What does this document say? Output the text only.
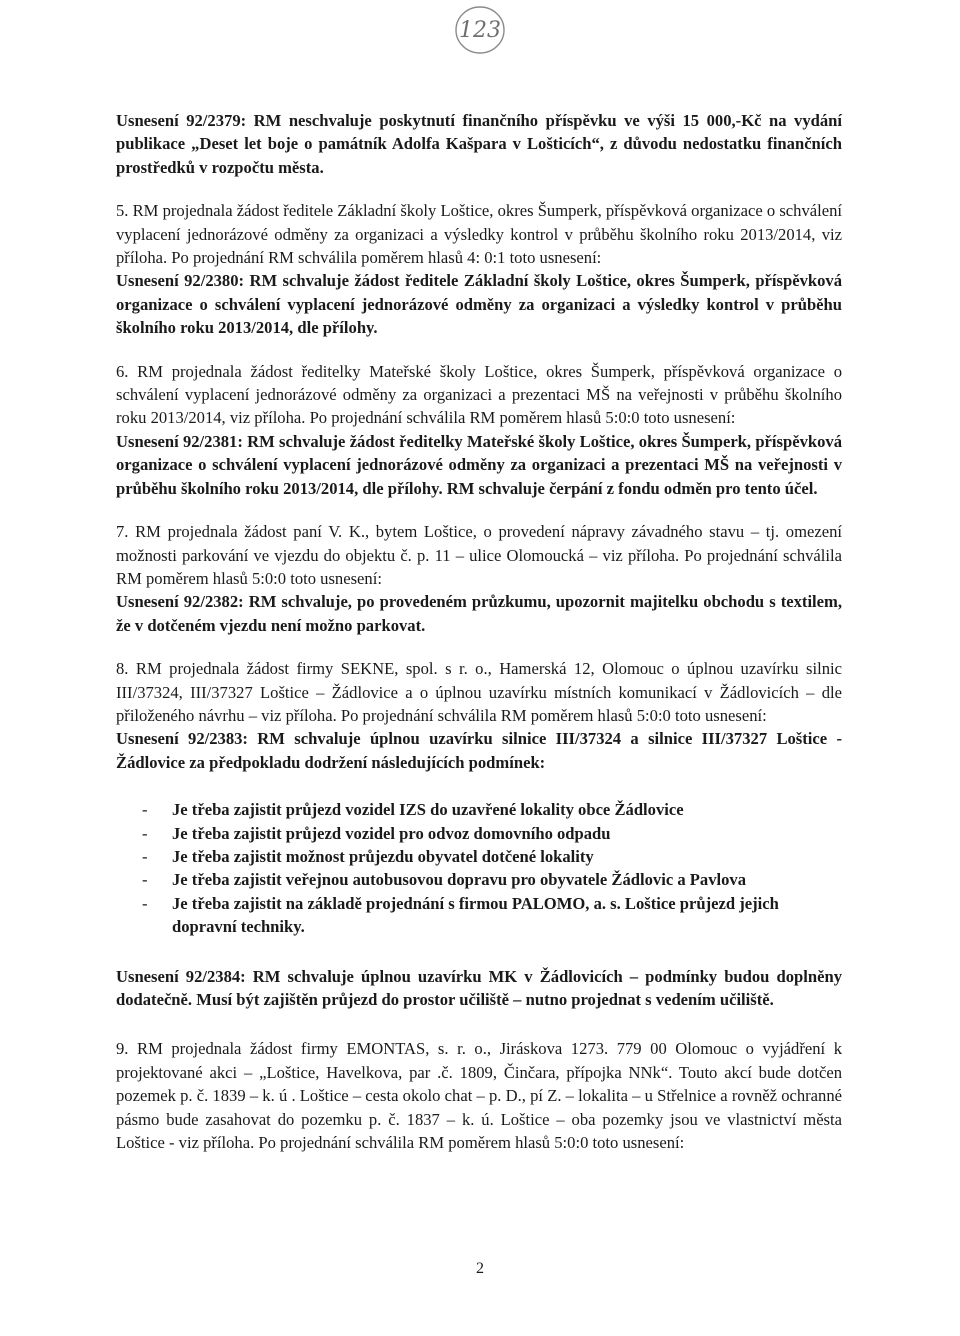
123

Usnesení 92/2379: RM neschvaluje poskytnutí finančního příspěvku ve výši 15 000,-Kč na vydání publikace „Deset let boje o památník Adolfa Kašpara v Lošticích“, z důvodu nedostatku finančních prostředků v rozpočtu města.

5. RM projednala žádost ředitele Základní školy Loštice, okres Šumperk, příspěvková organizace o schválení vyplacení jednorázové odměny za organizaci a výsledky kontrol v průběhu školního roku 2013/2014, viz příloha. Po projednání RM schválila poměrem hlasů 4: 0:1 toto usnesení:

Usnesení 92/2380: RM schvaluje žádost ředitele Základní školy Loštice, okres Šumperk, příspěvková organizace o schválení vyplacení jednorázové odměny za organizaci a výsledky kontrol v průběhu školního roku 2013/2014, dle přílohy.

6. RM projednala žádost ředitelky Mateřské školy Loštice, okres Šumperk, příspěvková organizace o schválení vyplacení jednorázové odměny za organizaci a prezentaci MŠ na veřejnosti v průběhu školního roku 2013/2014, viz příloha. Po projednání schválila RM poměrem hlasů 5:0:0 toto usnesení:

Usnesení 92/2381: RM schvaluje žádost ředitelky Mateřské školy Loštice, okres Šumperk, příspěvková organizace o schválení vyplacení jednorázové odměny za organizaci a prezentaci MŠ na veřejnosti v průběhu školního roku 2013/2014, dle přílohy. RM schvaluje čerpání z fondu odměn pro tento účel.

7. RM projednala žádost paní V. K., bytem Loštice, o provedení nápravy závadného stavu – tj. omezení možnosti parkování ve vjezdu do objektu č. p. 11 – ulice Olomoucká – viz příloha. Po projednání schválila RM poměrem hlasů 5:0:0 toto usnesení:

Usnesení 92/2382: RM schvaluje, po provedeném průzkumu, upozornit majitelku obchodu s textilem, že v dotčeném vjezdu není možno parkovat.

8. RM projednala žádost firmy SEKNE, spol. s r. o., Hamerská 12, Olomouc o úplnou uzavírku silnic III/37324, III/37327 Loštice – Žádlovice a o úplnou uzavírku místních komunikací v Žádlovicích – dle přiloženého návrhu – viz příloha. Po projednání schválila RM poměrem hlasů 5:0:0 toto usnesení:

Usnesení 92/2383: RM schvaluje úplnou uzavírku silnice III/37324 a silnice III/37327 Loštice - Žádlovice za předpokladu dodržení následujících podmínek:

- Je třeba zajistit průjezd vozidel IZS do uzavřené lokality obce Žádlovice
- Je třeba zajistit průjezd vozidel pro odvoz domovního odpadu
- Je třeba zajistit možnost průjezdu obyvatel dotčené lokality
- Je třeba zajistit veřejnou autobusovou dopravu pro obyvatele Žádlovic a Pavlova
- Je třeba zajistit na základě projednání s firmou PALOMO, a. s. Loštice průjezd jejich dopravní techniky.

Usnesení 92/2384: RM schvaluje úplnou uzavírku MK v Žádlovicích – podmínky budou doplněny dodatečně. Musí být zajištěn průjezd do prostor učiliště – nutno projednat s vedením učiliště.

9. RM projednala žádost firmy EMONTAS, s. r. o., Jiráskova 1273. 779 00 Olomouc o vyjádření k projektované akci – „Loštice, Havelkova, par .č. 1809, Činčara, přípojka NNk“. Touto akcí bude dotčen pozemek p. č. 1839 – k. ú . Loštice – cesta okolo chat – p. D., pí Z. – lokalita – u Střelnice a rovněž ochranné pásmo bude zasahovat do pozemku p. č. 1837 – k. ú. Loštice – oba pozemky jsou ve vlastnictví města Loštice - viz příloha. Po projednání schválila RM poměrem hlasů 5:0:0 toto usnesení:

2
